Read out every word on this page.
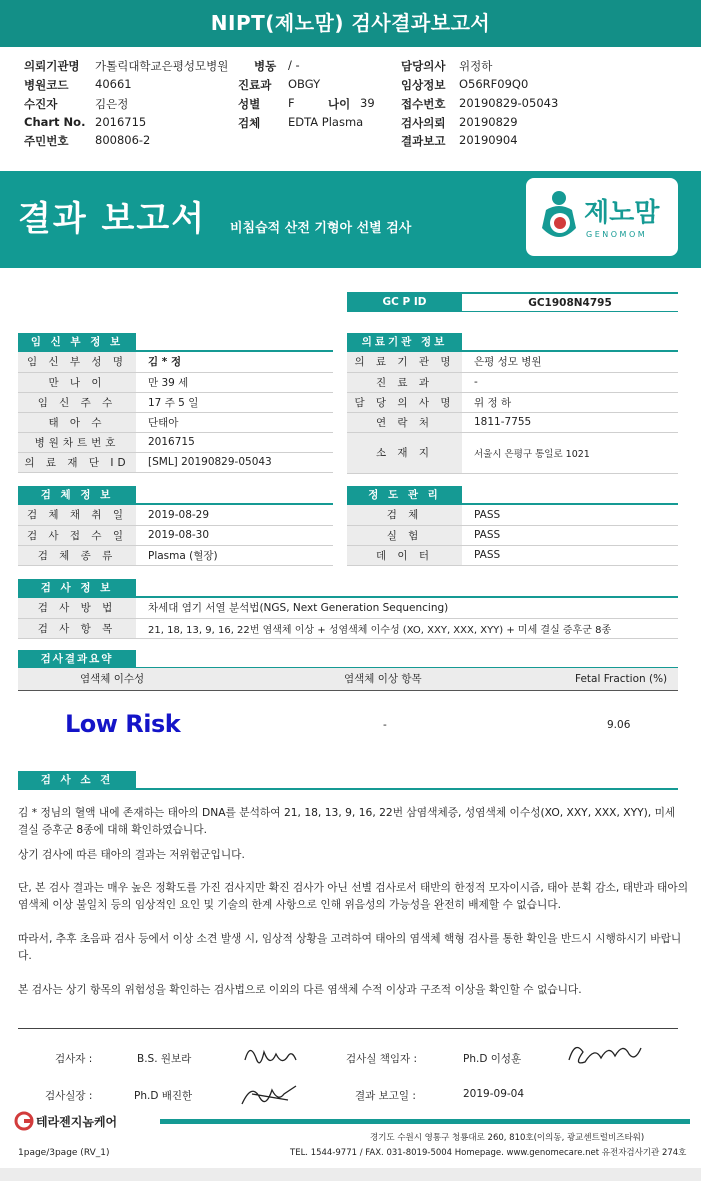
NIPT(제노맘) 검사결과보고서
의뢰기관명 가톨릭대학교은평성모병원 병동 / -	담당의사 위정하
병원코드 40661	진료과 OBGY	임상정보 O56RF09Q0
수진자	김은정	성별 F	나이 39 접수번호 20190829-05043
Chart No. 2016715	검체 EDTA Plasma	검사의뢰 20190829
주민번호 800806-2	결과보고 20190904
결과 보고서 비침습적 산전 기형아 선별 검사
제노맘
GENOMOM
GC P ID	GC1908N4795
임 신 부 정 보
임 신 부 성 명	김 * 정
만 나 이	만 39 세
임 신 주 수	17 주 5 일
태 아 수	단태아
병원차트번호	2016715
의 료 재 단 ID	[SML] 20190829-05043
의료기관 정보
의 료 기 관 명	은평 성모 병원
진 료 과	-
담 당 의 사 명	위 정 하
연 락 처	1811-7755
소 재 지	서울시 은평구 통일로 1021
검 체 정 보
검 체 채 취 일	2019-08-29
검 사 접 수 일	2019-08-30
검 체 종 류	Plasma (혈장)
정 도 관 리
검 체	PASS
실 험	PASS
데 이 터	PASS
검 사 정 보
검 사 방 법	차세대 염기 서열 분석법(NGS, Next Generation Sequencing)
검 사 항 목	21, 18, 13, 9, 16, 22번 염색체 이상 + 성염색체 이수성 (XO, XXY, XXX, XYY) + 미세 결실 증후군 8종
검사결과요약
염색체 이수성	염색체 이상 항목	Fetal Fraction (%)
Low Risk	-	9.06
검 사 소 견
김 * 정님의 혈액 내에 존재하는 태아의 DNA를 분석하여 21, 18, 13, 9, 16, 22번 삼염색체증, 성염색체 이수성(XO, XXY, XXX, XYY), 미세 결실 증후군 8종에 대해 확인하였습니다.
상기 검사에 따른 태아의 결과는 저위험군입니다.
단, 본 검사 결과는 매우 높은 정확도를 가진 검사지만 확진 검사가 아닌 선별 검사로서 태반의 한정적 모자이시즘, 태아 분획 감소, 태반과 태아의 염색체 이상 불일치 등의 임상적인 요인 및 기술의 한계 사항으로 인해 위음성의 가능성을 완전히 배제할 수 없습니다.
따라서, 추후 초음파 검사 등에서 이상 소견 발생 시, 임상적 상황을 고려하여 태아의 염색체 핵형 검사를 통한 확인을 반드시 시행하시기 바랍니다.
본 검사는 상기 항목의 위험성을 확인하는 검사법으로 이외의 다른 염색체 수적 이상과 구조적 이상을 확인할 수 없습니다.
검사자 :	B.S. 원보라	검사실 책임자 :	Ph.D 이성훈
검사실장 :	Ph.D 배진한	결과 보고일 :	2019-09-04
테라젠지놈케어
경기도 수원시 영통구 청룡대로 260, 810호(이의동, 광교센트럴비즈타워)
TEL. 1544-9771 / FAX. 031-8019-5004 Homepage. www.genomecare.net 유전자검사기관 274호
1page/3page (RV_1)
